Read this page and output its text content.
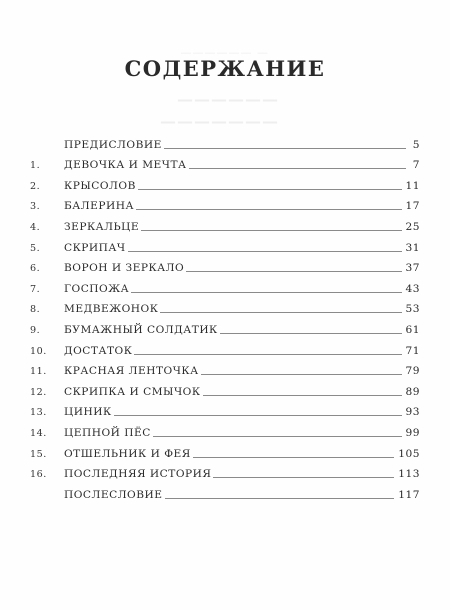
— ——————
——————
———————
СОДЕРЖАНИЕ
ПРЕДИСЛОВИЕ	5
1.	ДЕВОЧКА И МЕЧТА	7
2.	КРЫСОЛОВ	11
3.	БАЛЕРИНА	17
4.	ЗЕРКАЛЬЦЕ	25
5.	СКРИПАЧ	31
6.	ВОРОН И ЗЕРКАЛО	37
7.	ГОСПОЖА	43
8.	МЕДВЕЖОНОК	53
9.	БУМАЖНЫЙ СОЛДАТИК	61
10.	ДОСТАТОК	71
11.	КРАСНАЯ ЛЕНТОЧКА	79
12.	СКРИПКА И СМЫЧОК	89
13.	ЦИНИК	93
14.	ЦЕПНОЙ ПЁС	99
15.	ОТШЕЛЬНИК И ФЕЯ	105
16.	ПОСЛЕДНЯЯ ИСТОРИЯ	113
ПОСЛЕСЛОВИЕ	117
